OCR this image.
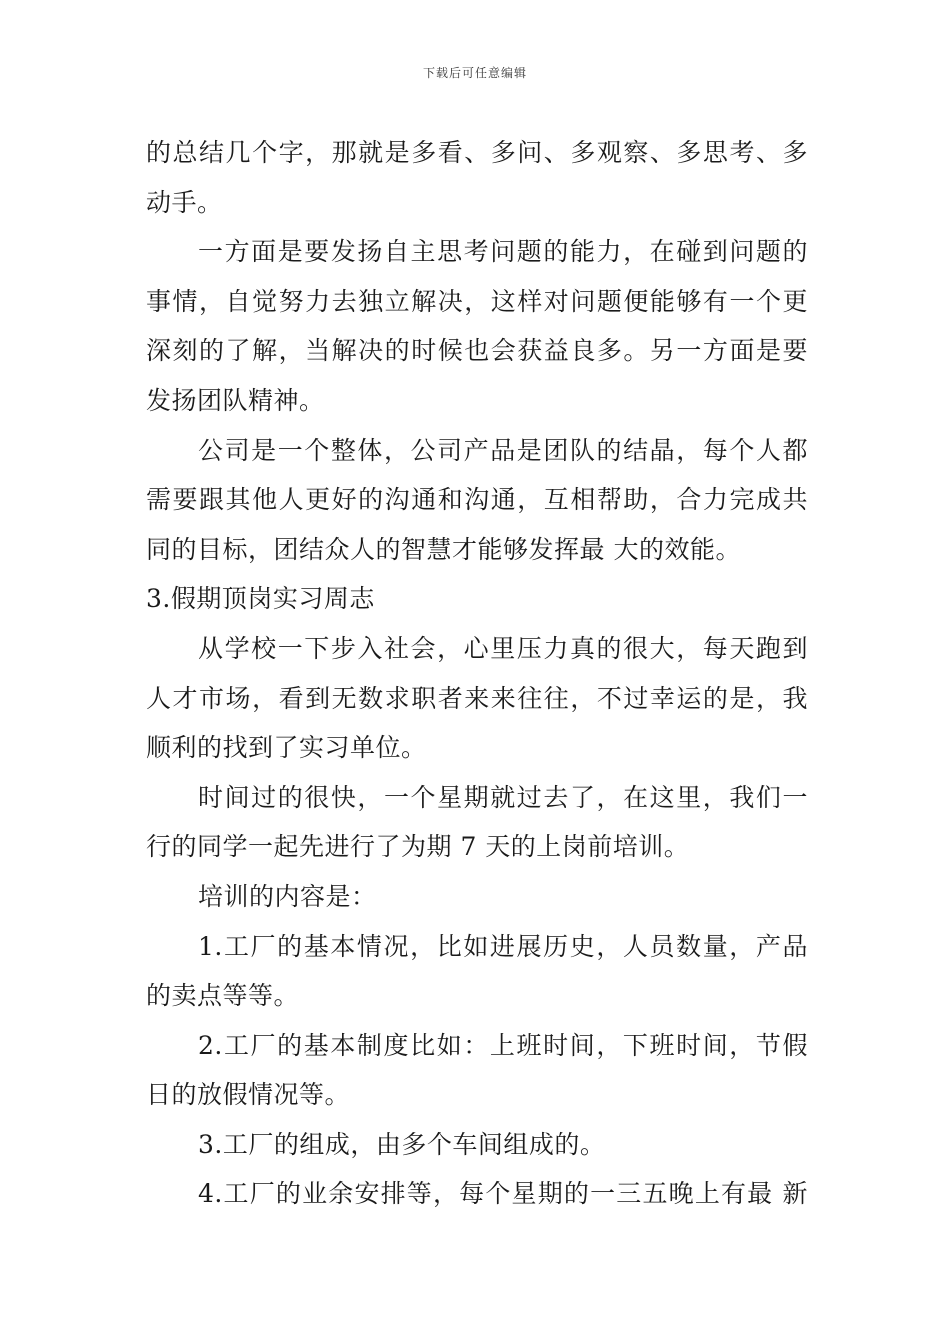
下载后可任意编辑
的总结几个字，那就是多看、多问、多观察、多思考、多
动手。
一方面是要发扬自主思考问题的能力，在碰到问题的
事情，自觉努力去独立解决，这样对问题便能够有一个更
深刻的了解，当解决的时候也会获益良多。另一方面是要
发扬团队精神。
公司是一个整体，公司产品是团队的结晶，每个人都
需要跟其他人更好的沟通和沟通，互相帮助，合力完成共
同的目标，团结众人的智慧才能够发挥最 大的效能。
3.假期顶岗实习周志
从学校一下步入社会，心里压力真的很大，每天跑到
人才市场，看到无数求职者来来往往，不过幸运的是，我
顺利的找到了实习单位。
时间过的很快，一个星期就过去了，在这里，我们一
行的同学一起先进行了为期 7 天的上岗前培训。
培训的内容是：
1.工厂的基本情况，比如进展历史，人员数量，产品
的卖点等等。
2.工厂的基本制度比如：上班时间，下班时间，节假
日的放假情况等。
3.工厂的组成，由多个车间组成的。
4.工厂的业余安排等，每个星期的一三五晚上有最 新
